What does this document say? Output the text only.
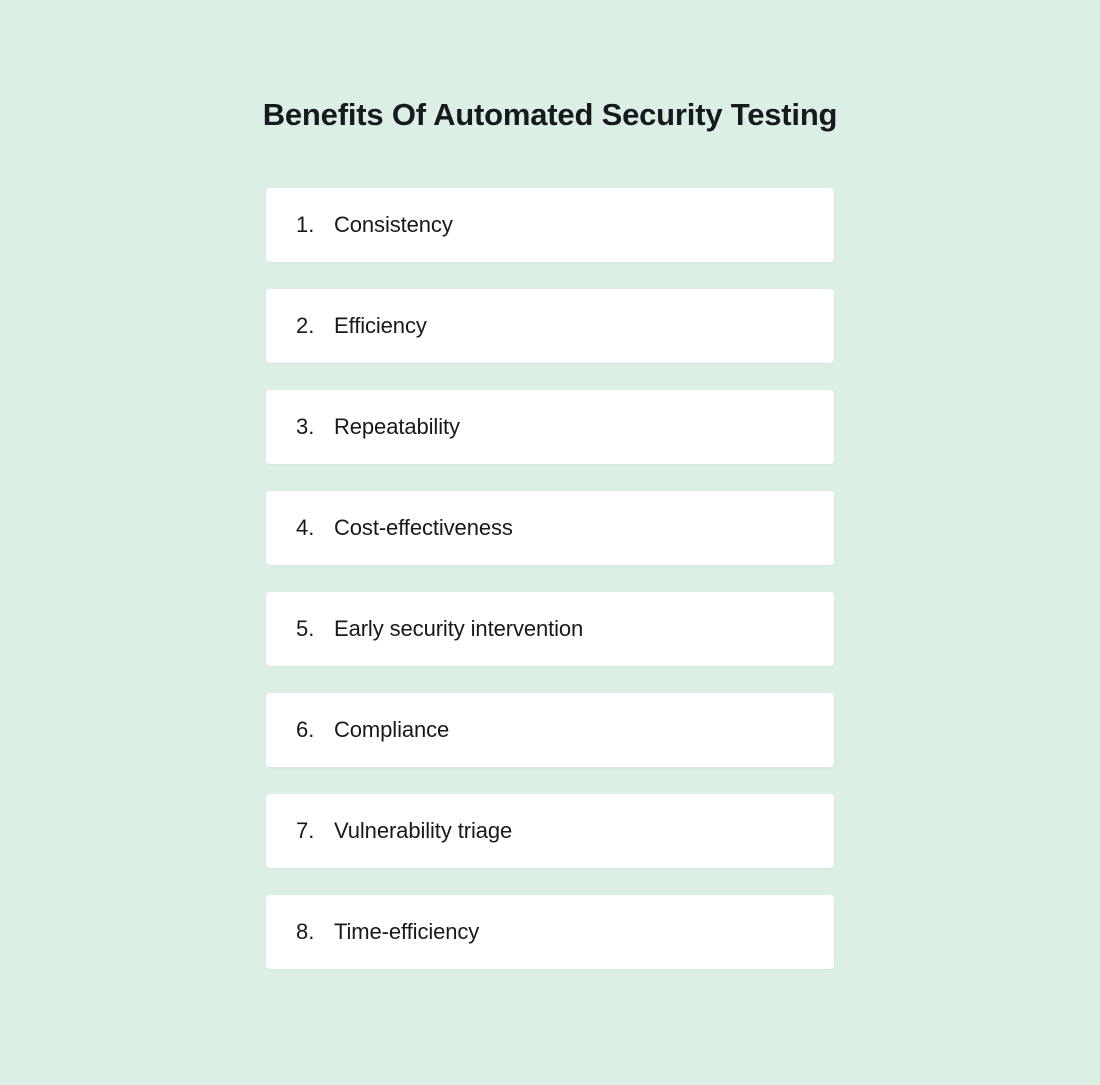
Benefits Of Automated Security Testing
1. Consistency
2. Efficiency
3. Repeatability
4. Cost-effectiveness
5. Early security intervention
6. Compliance
7. Vulnerability triage
8. Time-efficiency
